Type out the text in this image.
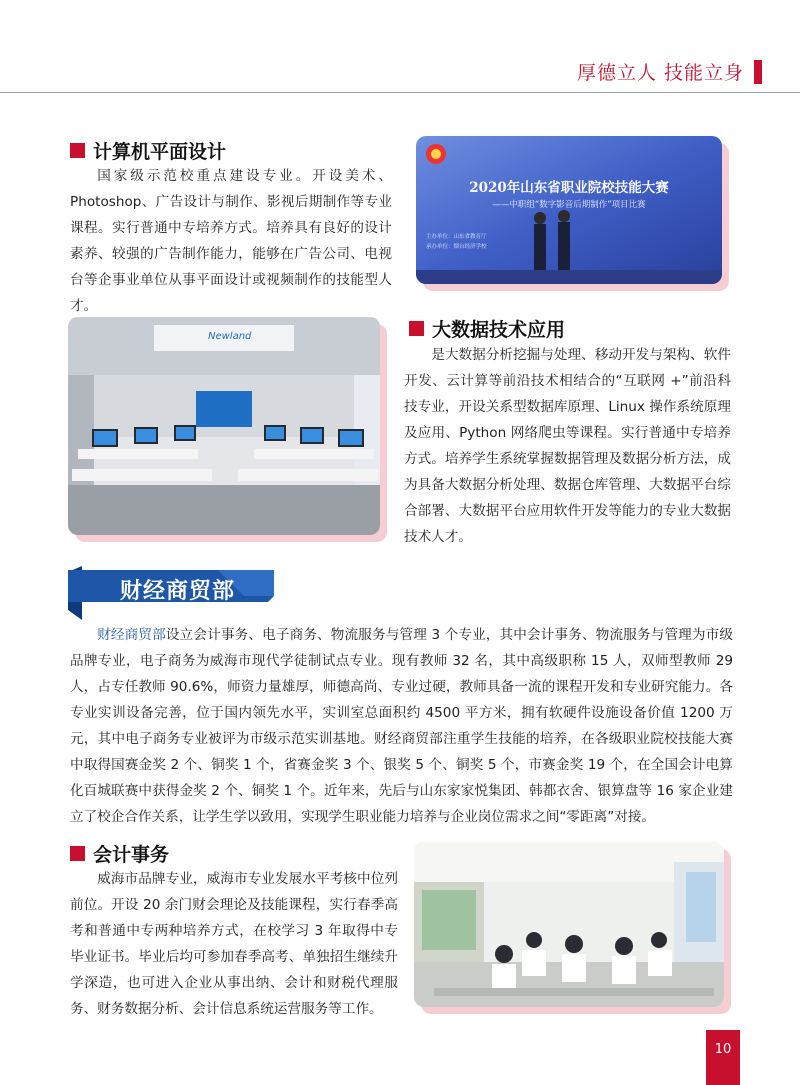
厚德立人 技能立身
计算机平面设计

国家级示范校重点建设专业。开设美术、Photoshop、广告设计与制作、影视后期制作等专业课程。实行普通中专培养方式。培养具有良好的设计素养、较强的广告制作能力，能够在广告公司、电视台等企事业单位从事平面设计或视频制作的技能型人才。

2020年山东省职业院校技能大赛
——中职组“数字影音后期制作”项目比赛
主办单位：山东省教育厅
承办单位：烟台经济学校
Newland	大数据技术应用

是大数据分析挖掘与处理、移动开发与架构、软件开发、云计算等前沿技术相结合的“互联网 +”前沿科技专业，开设关系型数据库原理、Linux 操作系统原理及应用、Python 网络爬虫等课程。实行普通中专培养方式。培养学生系统掌握数据管理及数据分析方法，成为具备大数据分析处理、数据仓库管理、大数据平台综合部署、大数据平台应用软件开发等能力的专业大数据技术人才。

财经商贸部

财经商贸部设立会计事务、电子商务、物流服务与管理 3 个专业，其中会计事务、物流服务与管理为市级品牌专业，电子商务为威海市现代学徒制试点专业。现有教师 32 名，其中高级职称 15 人，双师型教师 29 人，占专任教师 90.6%，师资力量雄厚，师德高尚、专业过硬，教师具备一流的课程开发和专业研究能力。各专业实训设备完善，位于国内领先水平，实训室总面积约 4500 平方米，拥有软硬件设施设备价值 1200 万元，其中电子商务专业被评为市级示范实训基地。财经商贸部注重学生技能的培养，在各级职业院校技能大赛中取得国赛金奖 2 个、铜奖 1 个，省赛金奖 3 个、银奖 5 个、铜奖 5 个，市赛金奖 19 个，在全国会计电算化百城联赛中获得金奖 2 个、铜奖 1 个。近年来，先后与山东家家悦集团、韩都衣舍、银算盘等 16 家企业建立了校企合作关系，让学生学以致用，实现学生职业能力培养与企业岗位需求之间“零距离”对接。

会计事务

威海市品牌专业，威海市专业发展水平考核中位列前位。开设 20 余门财会理论及技能课程，实行春季高考和普通中专两种培养方式，在校学习 3 年取得中专毕业证书。毕业后均可参加春季高考、单独招生继续升学深造，也可进入企业从事出纳、会计和财税代理服务、财务数据分析、会计信息系统运营服务等工作。

10
